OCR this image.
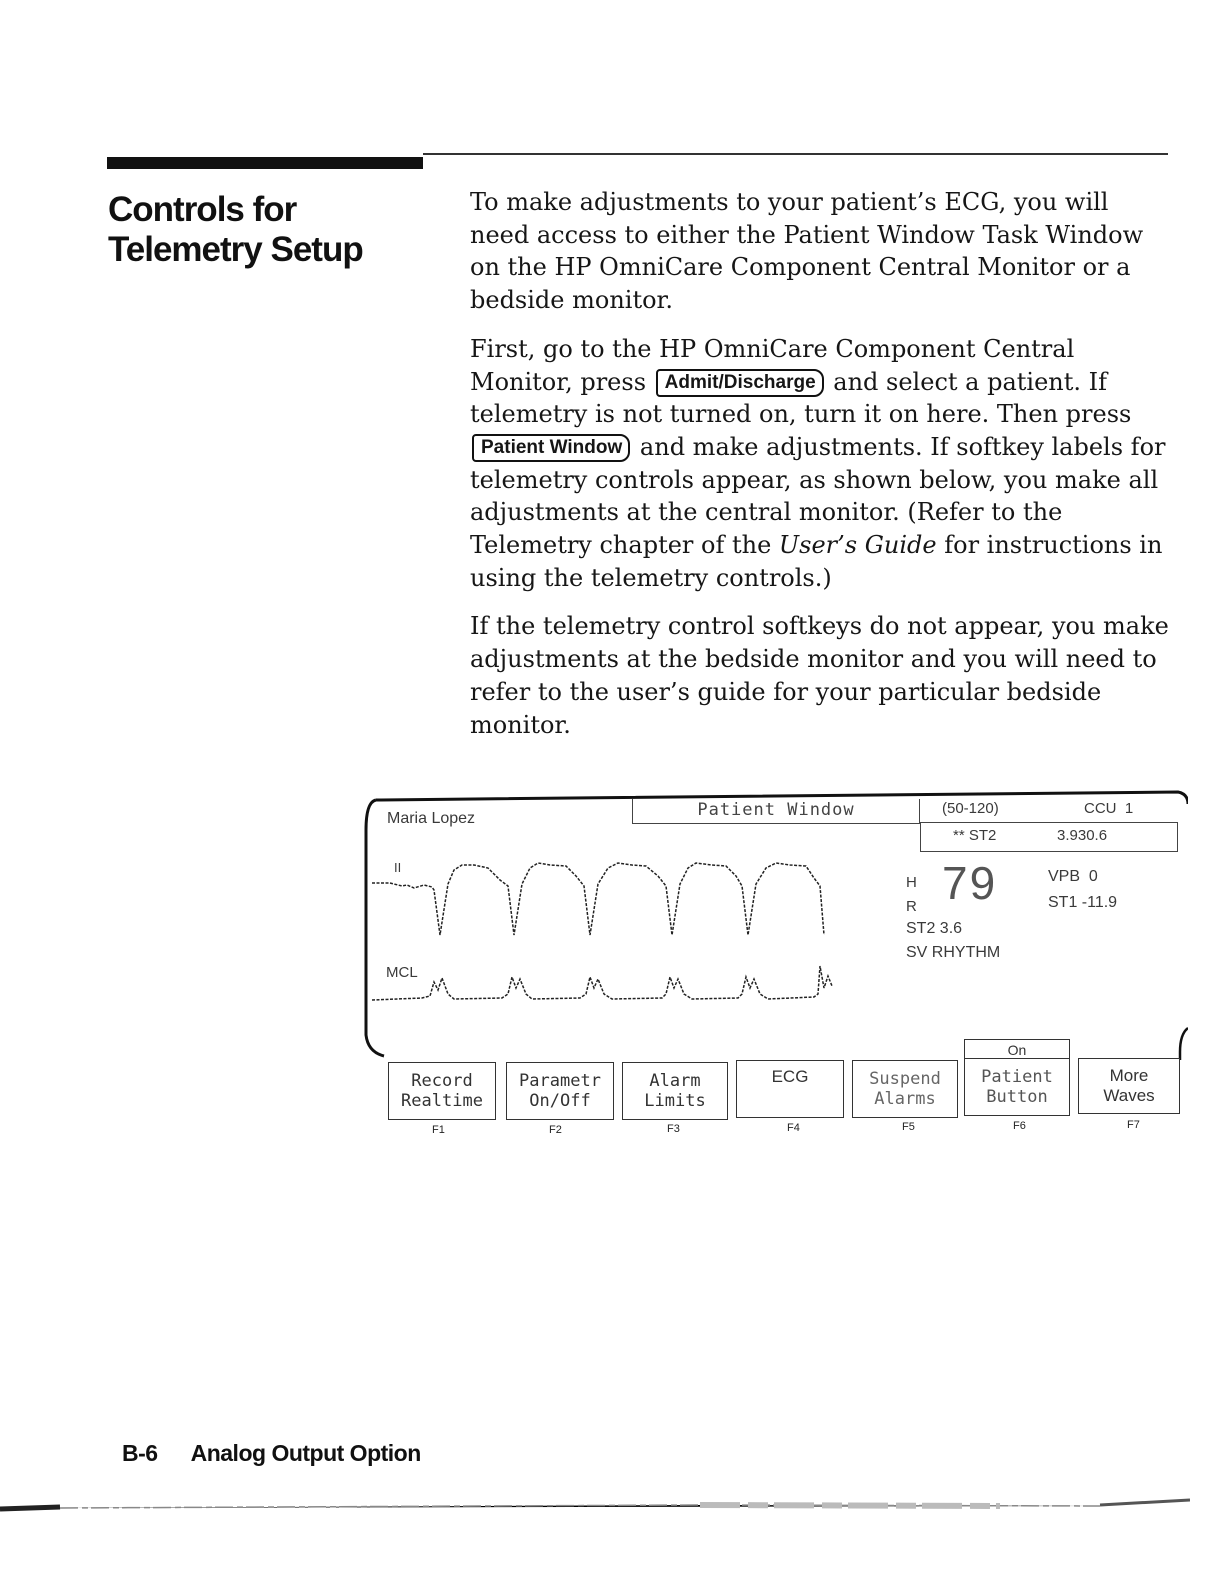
Controls for
Telemetry Setup

To make adjustments to your patient’s ECG, you will need access to either the Patient Window Task Window on the HP OmniCare Component Central Monitor or a bedside monitor.

First, go to the HP OmniCare Component Central Monitor, press Admit/Discharge and select a patient. If telemetry is not turned on, turn it on here. Then press Patient Window and make adjustments. If softkey labels for telemetry controls appear, as shown below, you make all adjustments at the central monitor. (Refer to the Telemetry chapter of the User’s Guide for instructions in using the telemetry controls.)

If the telemetry control softkeys do not appear, you make adjustments at the bedside monitor and you will need to refer to the user’s guide for your particular bedside monitor.

Maria Lopez	Patient Window	(50-120)	CCU  1
** ST2	3.930.6
II
MCL
H
R 79	VPB  0
ST1 -11.9
ST2 3.6
SV RHYTHM
On
Record
Realtime
Parametr
On/Off
Alarm
Limits
ECG	Suspend
Alarms
Patient
Button
More
Waves
F1	F2	F3	F4	F5	F6	F7

B-6 Analog Output Option
